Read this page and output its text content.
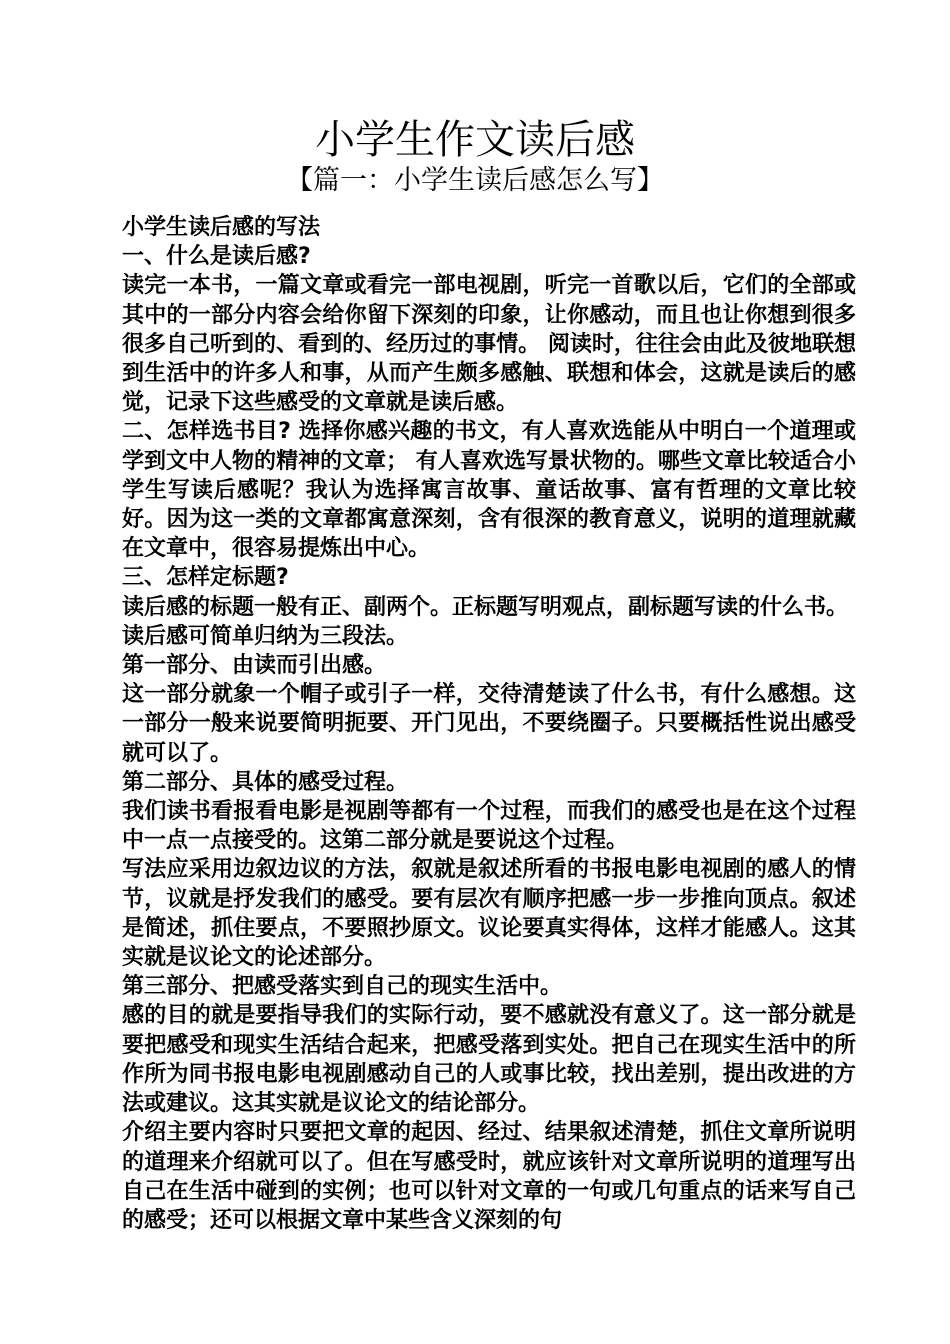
小学生作文读后感
【篇一：小学生读后感怎么写】

小学生读后感的写法

一、什么是读后感?

读完一本书，一篇文章或看完一部电视剧，听完一首歌以后，它们的全部或其中的一部分内容会给你留下深刻的印象，让你感动，而且也让你想到很多很多自己听到的、看到的、经历过的事情。 阅读时，往往会由此及彼地联想到生活中的许多人和事，从而产生颇多感触、联想和体会，这就是读后的感觉，记录下这些感受的文章就是读后感。

二、怎样选书目? 选择你感兴趣的书文，有人喜欢选能从中明白一个道理或学到文中人物的精神的文章； 有人喜欢选写景状物的。哪些文章比较适合小学生写读后感呢？我认为选择寓言故事、童话故事、富有哲理的文章比较好。因为这一类的文章都寓意深刻，含有很深的教育意义，说明的道理就藏在文章中，很容易提炼出中心。

三、怎样定标题?

读后感的标题一般有正、副两个。正标题写明观点，副标题写读的什么书。

读后感可简单归纳为三段法。

第一部分、由读而引出感。

这一部分就象一个帽子或引子一样，交待清楚读了什么书，有什么感想。这一部分一般来说要简明扼要、开门见出，不要绕圈子。只要概括性说出感受就可以了。

第二部分、具体的感受过程。

我们读书看报看电影是视剧等都有一个过程，而我们的感受也是在这个过程中一点一点接受的。这第二部分就是要说这个过程。

写法应采用边叙边议的方法，叙就是叙述所看的书报电影电视剧的感人的情节，议就是抒发我们的感受。要有层次有顺序把感一步一步推向顶点。叙述是简述，抓住要点，不要照抄原文。议论要真实得体，这样才能感人。这其实就是议论文的论述部分。

第三部分、把感受落实到自己的现实生活中。

感的目的就是要指导我们的实际行动，要不感就没有意义了。这一部分就是要把感受和现实生活结合起来，把感受落到实处。把自己在现实生活中的所作所为同书报电影电视剧感动自己的人或事比较，找出差别，提出改进的方法或建议。这其实就是议论文的结论部分。

介绍主要内容时只要把文章的起因、经过、结果叙述清楚，抓住文章所说明的道理来介绍就可以了。但在写感受时，就应该针对文章所说明的道理写出自己在生活中碰到的实例；也可以针对文章的一句或几句重点的话来写自己的感受；还可以根据文章中某些含义深刻的句
